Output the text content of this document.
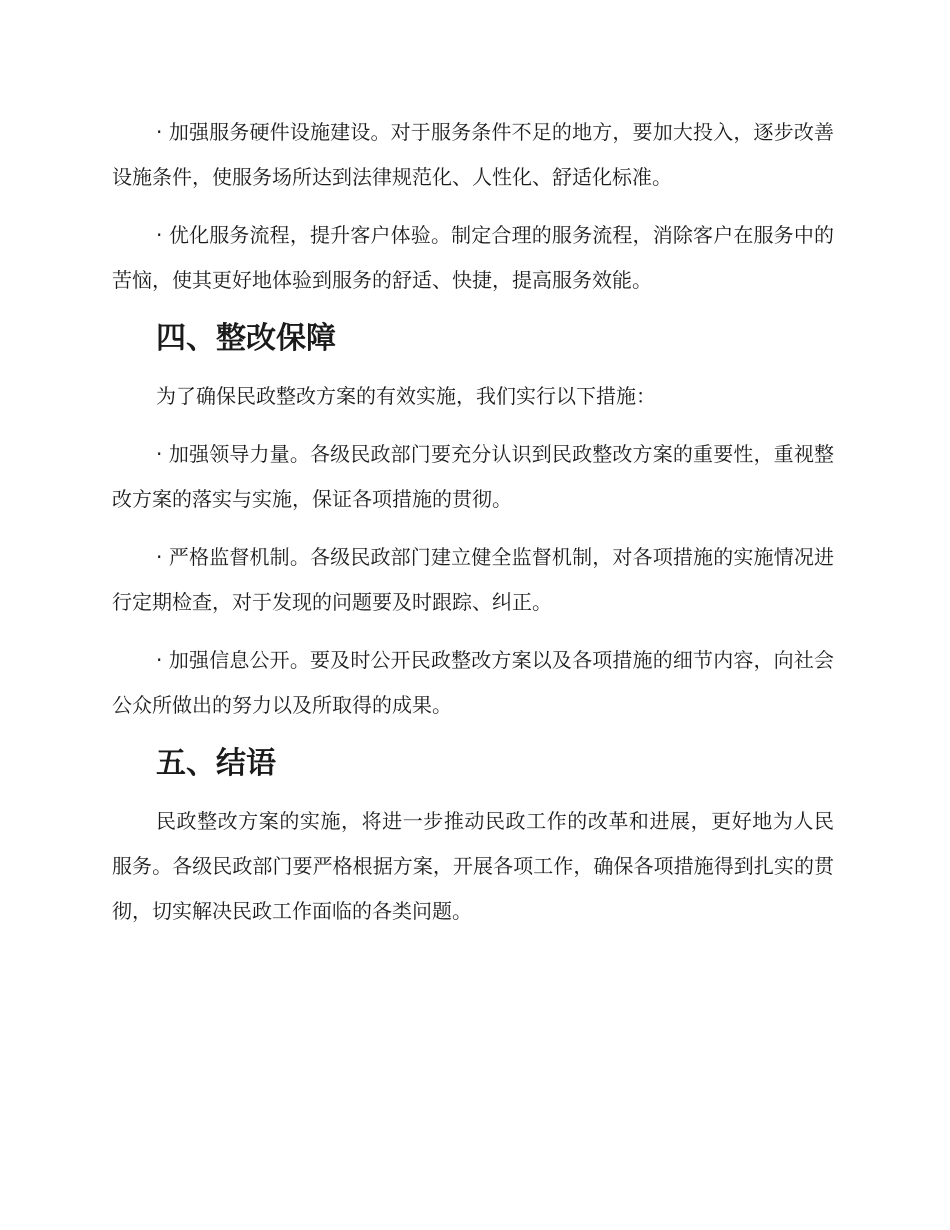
· 加强服务硬件设施建设。对于服务条件不足的地方，要加大投入，逐步改善设施条件，使服务场所达到法律规范化、人性化、舒适化标准。

· 优化服务流程，提升客户体验。制定合理的服务流程，消除客户在服务中的苦恼，使其更好地体验到服务的舒适、快捷，提高服务效能。

四、整改保障

为了确保民政整改方案的有效实施，我们实行以下措施：

· 加强领导力量。各级民政部门要充分认识到民政整改方案的重要性，重视整改方案的落实与实施，保证各项措施的贯彻。

· 严格监督机制。各级民政部门建立健全监督机制，对各项措施的实施情况进行定期检查，对于发现的问题要及时跟踪、纠正。

· 加强信息公开。要及时公开民政整改方案以及各项措施的细节内容，向社会公众所做出的努力以及所取得的成果。

五、结语

民政整改方案的实施，将进一步推动民政工作的改革和进展，更好地为人民服务。各级民政部门要严格根据方案，开展各项工作，确保各项措施得到扎实的贯彻，切实解决民政工作面临的各类问题。
